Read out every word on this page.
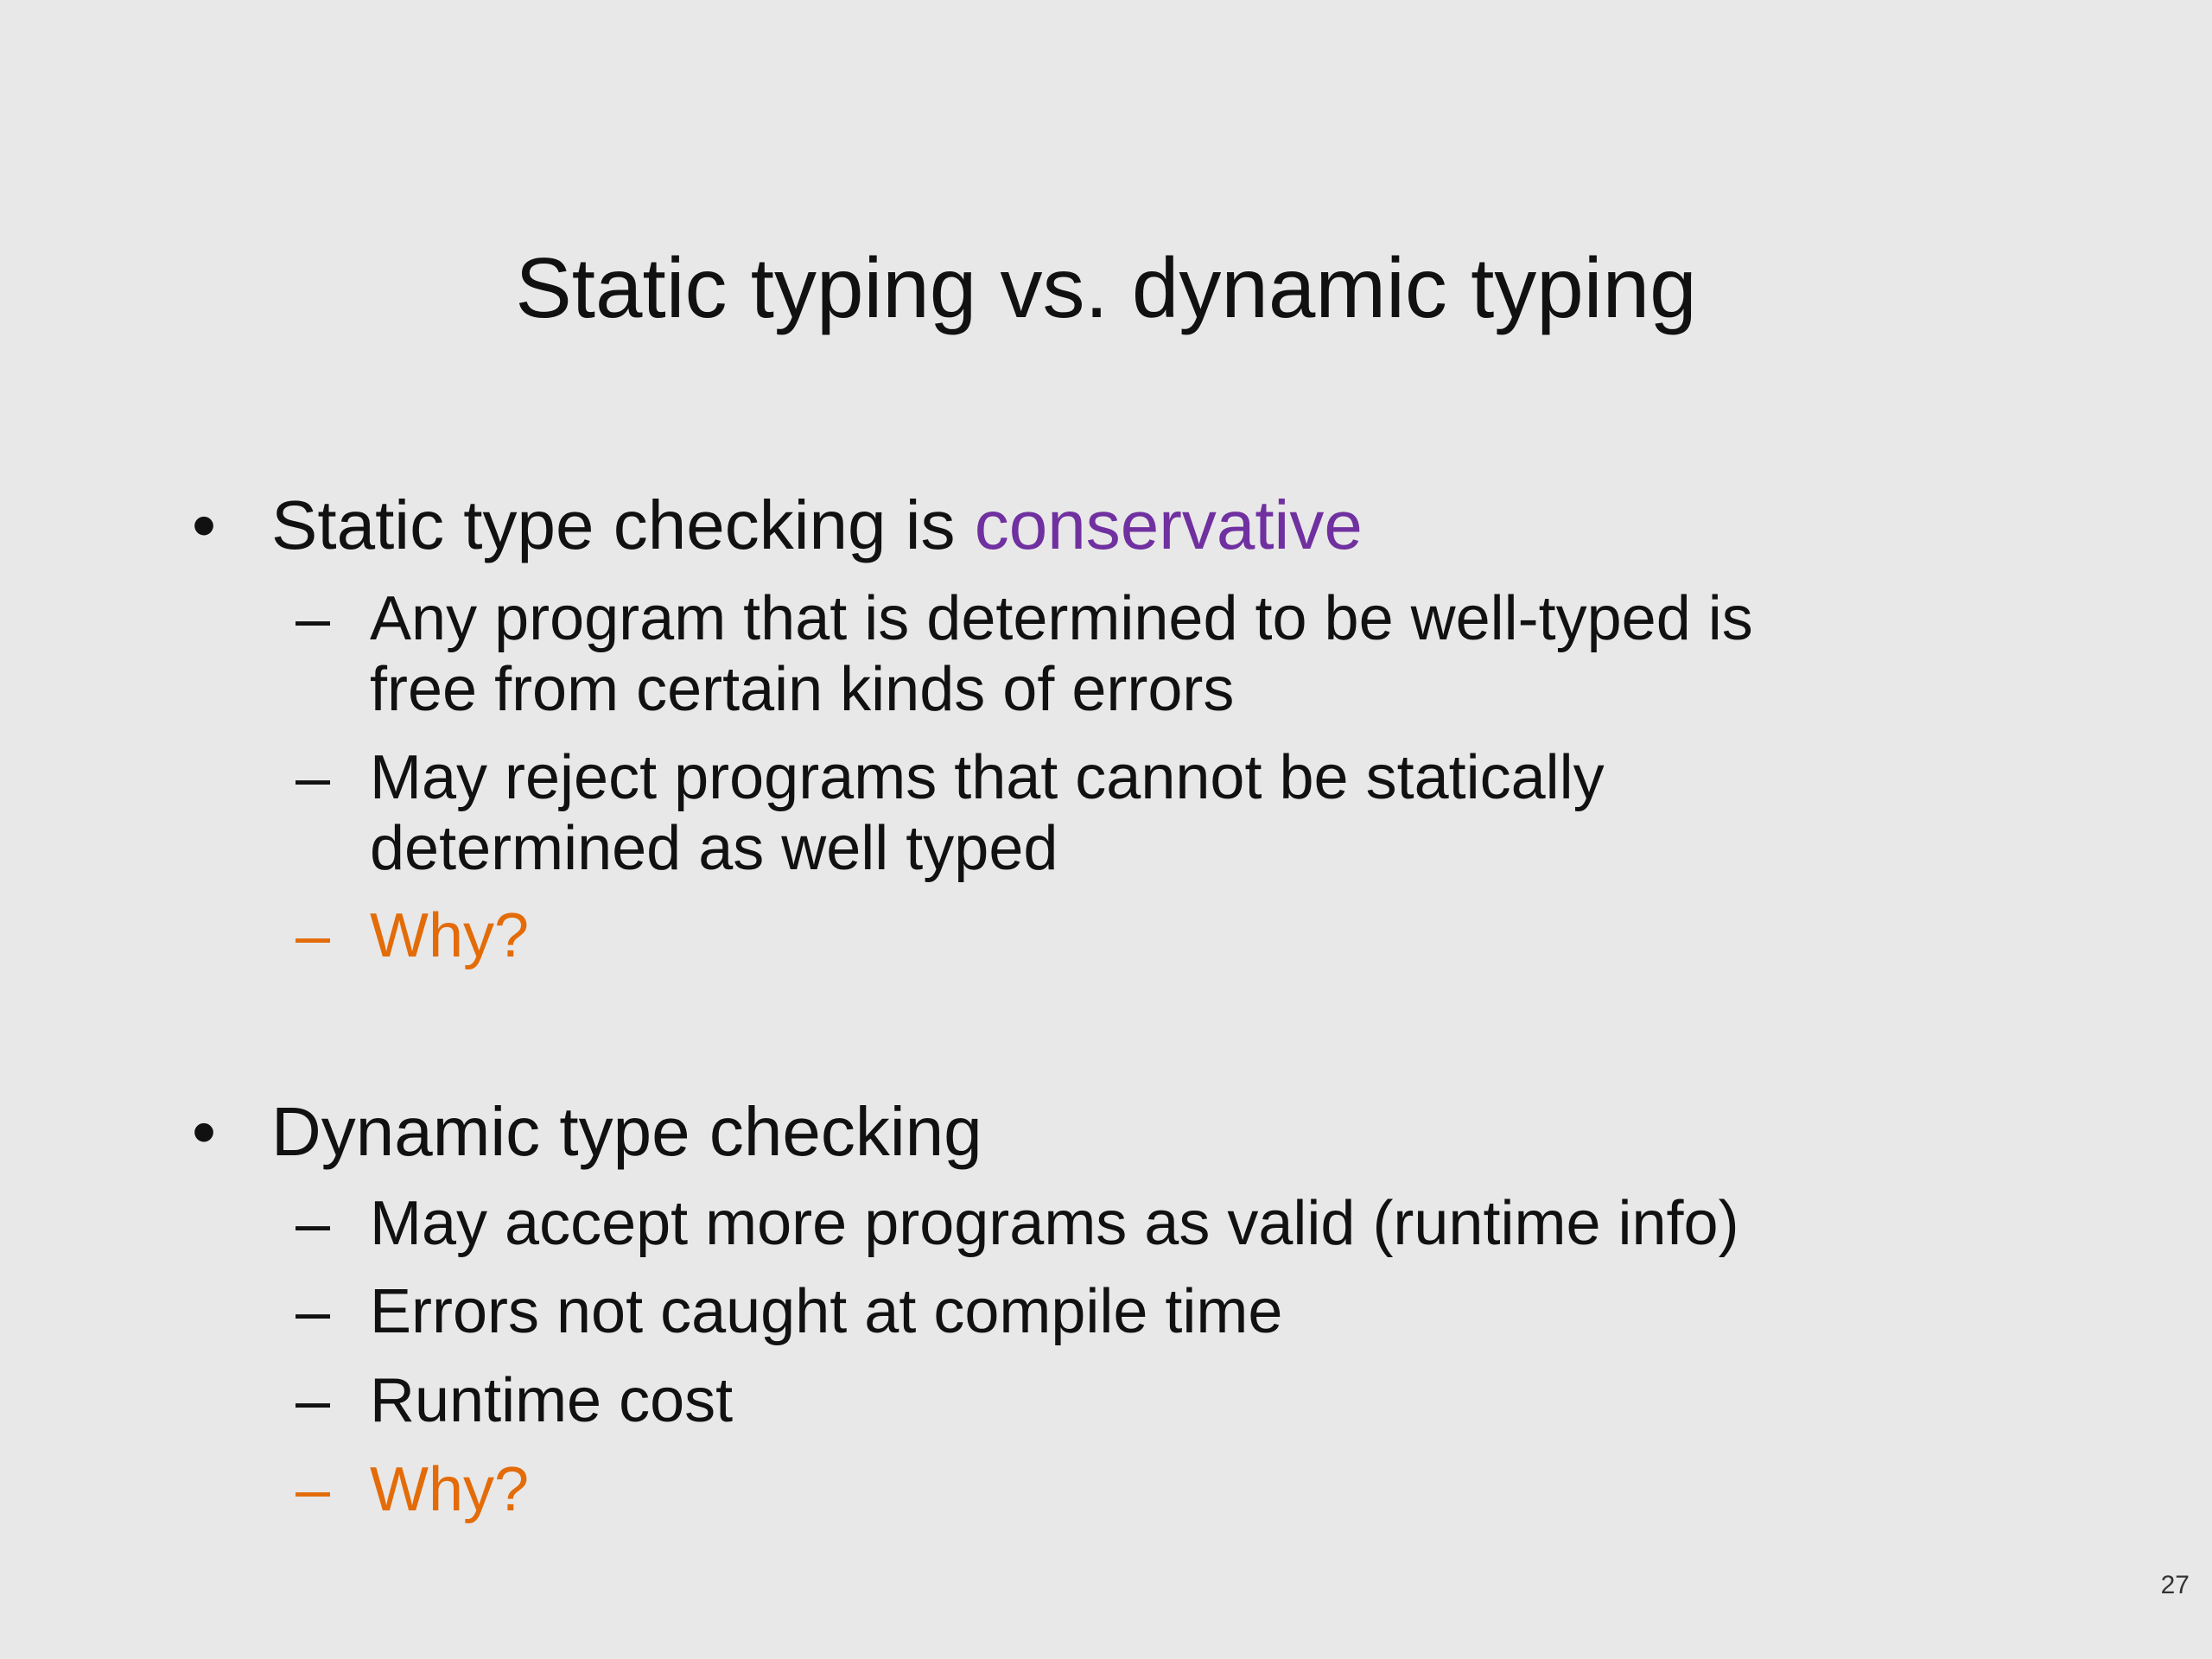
Static typing vs. dynamic typing
• Static type checking is conservative
– Any program that is determined to be well-typed is
free from certain kinds of errors
– May reject programs that cannot be statically
determined as well typed
– Why?
• Dynamic type checking
– May accept more programs as valid (runtime info)
– Errors not caught at compile time
– Runtime cost
– Why?
27
